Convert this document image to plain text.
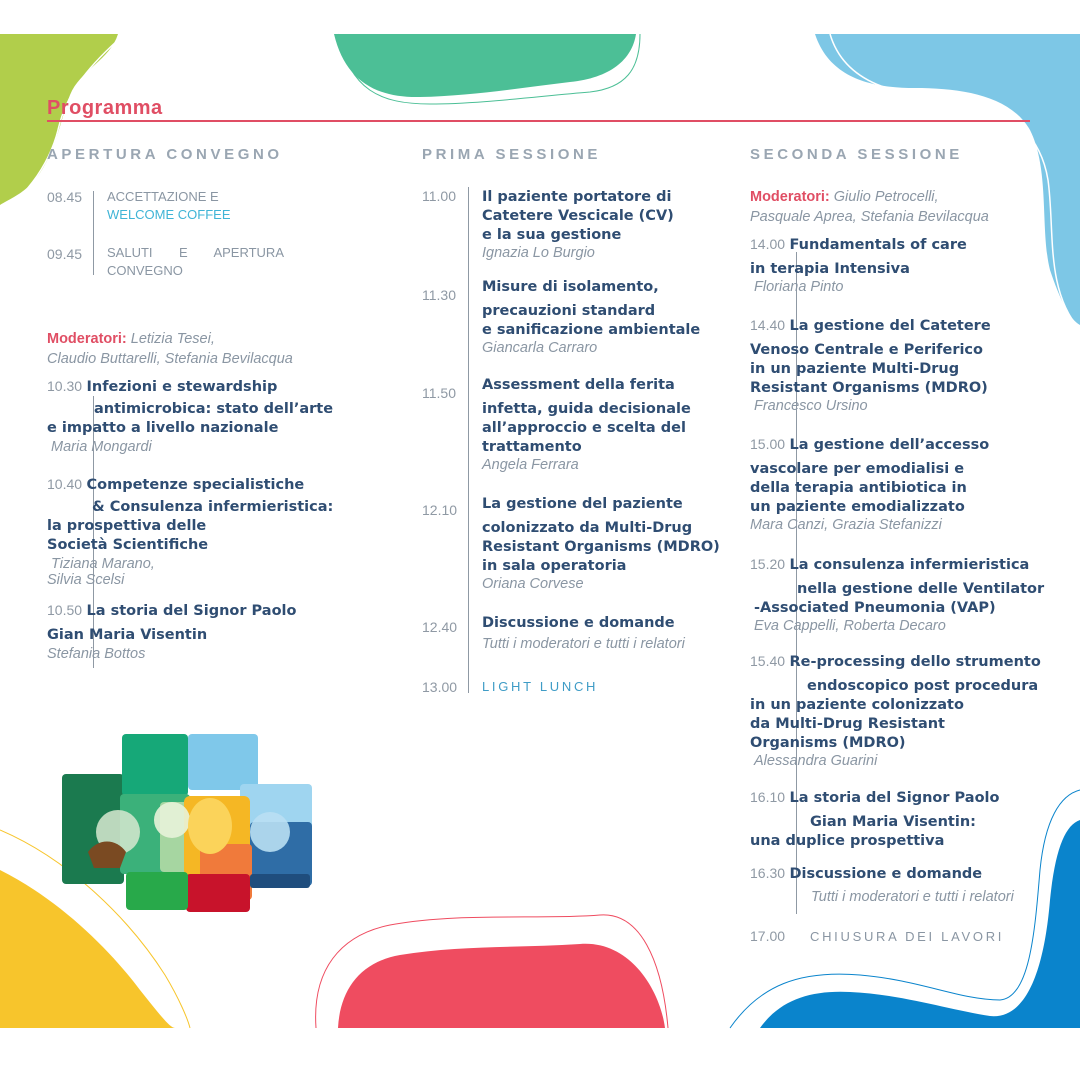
Programma
APERTURA CONVEGNO
08.45 ACCETTAZIONE E
WELCOME COFFEE
09.45 SALUTI E APERTURA
CONVEGNO
Moderatori: Letizia Tesei,
Claudio Buttarelli, Stefania Bevilacqua
10.30 Infezioni e stewardship
antimicrobica: stato dell’arte
e impatto a livello nazionale
Maria Mongardi
10.40 Competenze specialistiche
& Consulenza infermieristica:
la prospettiva delle
Società Scientifiche
Tiziana Marano,
Silvia Scelsi
10.50 La storia del Signor Paolo
Gian Maria Visentin
Stefania Bottos
PRIMA SESSIONE
11.00 Il paziente portatore di
Catetere Vescicale (CV)
e la sua gestione
Ignazia Lo Burgio
11.30 Misure di isolamento,
precauzioni standard
e sanificazione ambientale
Giancarla Carraro
11.50 Assessment della ferita
infetta, guida decisionale
all’approccio e scelta del
trattamento
Angela Ferrara
12.10 La gestione del paziente
colonizzato da Multi-Drug
Resistant Organisms (MDRO)
in sala operatoria
Oriana Corvese
12.40 Discussione e domande
Tutti i moderatori e tutti i relatori
13.00 LIGHT LUNCH
SECONDA SESSIONE
Moderatori: Giulio Petrocelli,
Pasquale Aprea, Stefania Bevilacqua
14.00 Fundamentals of care
in terapia Intensiva
Floriana Pinto
14.40 La gestione del Catetere
Venoso Centrale e Periferico
in un paziente Multi-Drug
Resistant Organisms (MDRO)
Francesco Ursino
15.00 La gestione dell’accesso
vascolare per emodialisi e
della terapia antibiotica in
un paziente emodializzato
Mara Canzi, Grazia Stefanizzi
15.20 La consulenza infermieristica
nella gestione delle Ventilator
-Associated Pneumonia (VAP)
Eva Cappelli, Roberta Decaro
15.40 Re-processing dello strumento
endoscopico post procedura
in un paziente colonizzato
da Multi-Drug Resistant
Organisms (MDRO)
Alessandra Guarini
16.10 La storia del Signor Paolo
Gian Maria Visentin:
una duplice prospettiva
16.30 Discussione e domande
Tutti i moderatori e tutti i relatori
17.00 CHIUSURA DEI LAVORI
